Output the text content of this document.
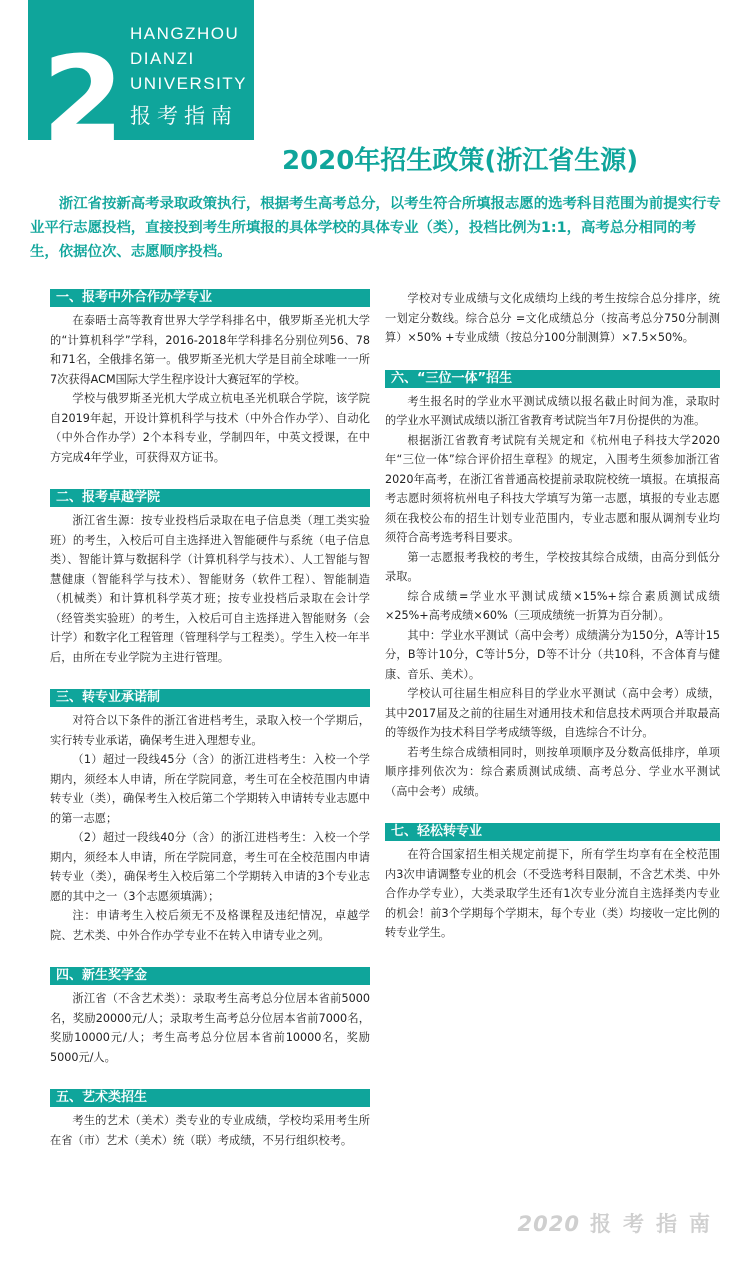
2 HANGZHOU
DIANZI
UNIVERSITY
报考指南
2020年招生政策(浙江省生源)
浙江省按新高考录取政策执行，根据考生高考总分，以考生符合所填报志愿的选考科目范围为前提实行专业平行志愿投档，直接投到考生所填报的具体学校的具体专业（类），投档比例为1:1，高考总分相同的考生，依据位次、志愿顺序投档。
一、报考中外合作办学专业

在泰晤士高等教育世界大学学科排名中，俄罗斯圣光机大学的“计算机科学”学科，2016-2018年学科排名分别位列56、78和71名，全俄排名第一。俄罗斯圣光机大学是目前全球唯一一所7次获得ACM国际大学生程序设计大赛冠军的学校。

学校与俄罗斯圣光机大学成立杭电圣光机联合学院，该学院自2019年起，开设计算机科学与技术（中外合作办学）、自动化（中外合作办学）2个本科专业，学制四年，中英文授课，在中方完成4年学业，可获得双方证书。

二、报考卓越学院

浙江省生源：按专业投档后录取在电子信息类（理工类实验班）的考生，入校后可自主选择进入智能硬件与系统（电子信息类）、智能计算与数据科学（计算机科学与技术）、人工智能与智慧健康（智能科学与技术）、智能财务（软件工程）、智能制造（机械类）和计算机科学英才班；按专业投档后录取在会计学（经管类实验班）的考生，入校后可自主选择进入智能财务（会计学）和数字化工程管理（管理科学与工程类）。学生入校一年半后，由所在专业学院为主进行管理。

三、转专业承诺制

对符合以下条件的浙江省进档考生，录取入校一个学期后，实行转专业承诺，确保考生进入理想专业。

（1）超过一段线45分（含）的浙江进档考生：入校一个学期内，须经本人申请，所在学院同意，考生可在全校范围内申请转专业（类），确保考生入校后第二个学期转入申请转专业志愿中的第一志愿；

（2）超过一段线40分（含）的浙江进档考生：入校一个学期内，须经本人申请，所在学院同意，考生可在全校范围内申请转专业（类），确保考生入校后第二个学期转入申请的3个专业志愿的其中之一（3个志愿须填满）；

注：申请考生入校后须无不及格课程及违纪情况，卓越学院、艺术类、中外合作办学专业不在转入申请专业之列。

四、新生奖学金

浙江省（不含艺术类）：录取考生高考总分位居本省前5000名，奖励20000元/人；录取考生高考总分位居本省前7000名，奖励10000元/人；考生高考总分位居本省前10000名，奖励5000元/人。

五、艺术类招生

考生的艺术（美术）类专业的专业成绩，学校均采用考生所在省（市）艺术（美术）统（联）考成绩，不另行组织校考。

学校对专业成绩与文化成绩均上线的考生按综合总分排序，统一划定分数线。综合总分 =文化成绩总分（按高考总分750分制测算）×50% +专业成绩（按总分100分制测算）×7.5×50%。

六、“三位一体”招生

考生报名时的学业水平测试成绩以报名截止时间为准，录取时的学业水平测试成绩以浙江省教育考试院当年7月份提供的为准。

根据浙江省教育考试院有关规定和《杭州电子科技大学2020年“三位一体”综合评价招生章程》的规定，入围考生须参加浙江省2020年高考，在浙江省普通高校提前录取院校统一填报。在填报高考志愿时须将杭州电子科技大学填写为第一志愿，填报的专业志愿须在我校公布的招生计划专业范围内，专业志愿和服从调剂专业均须符合高考选考科目要求。

第一志愿报考我校的考生，学校按其综合成绩，由高分到低分录取。

综合成绩=学业水平测试成绩×15%+综合素质测试成绩×25%+高考成绩×60%（三项成绩统一折算为百分制）。

其中：学业水平测试（高中会考）成绩满分为150分，A等计15分，B等计10分，C等计5分，D等不计分（共10科，不含体育与健康、音乐、美术）。

学校认可往届生相应科目的学业水平测试（高中会考）成绩，其中2017届及之前的往届生对通用技术和信息技术两项合并取最高的等级作为技术科目学考成绩等级，自选综合不计分。

若考生综合成绩相同时，则按单项顺序及分数高低排序，单项顺序排列依次为：综合素质测试成绩、高考总分、学业水平测试（高中会考）成绩。

七、轻松转专业

在符合国家招生相关规定前提下，所有学生均享有在全校范围内3次申请调整专业的机会（不受选考科目限制，不含艺术类、中外合作办学专业），大类录取学生还有1次专业分流自主选择类内专业的机会！前3个学期每个学期末，每个专业（类）均接收一定比例的转专业学生。

2020 报考指南
